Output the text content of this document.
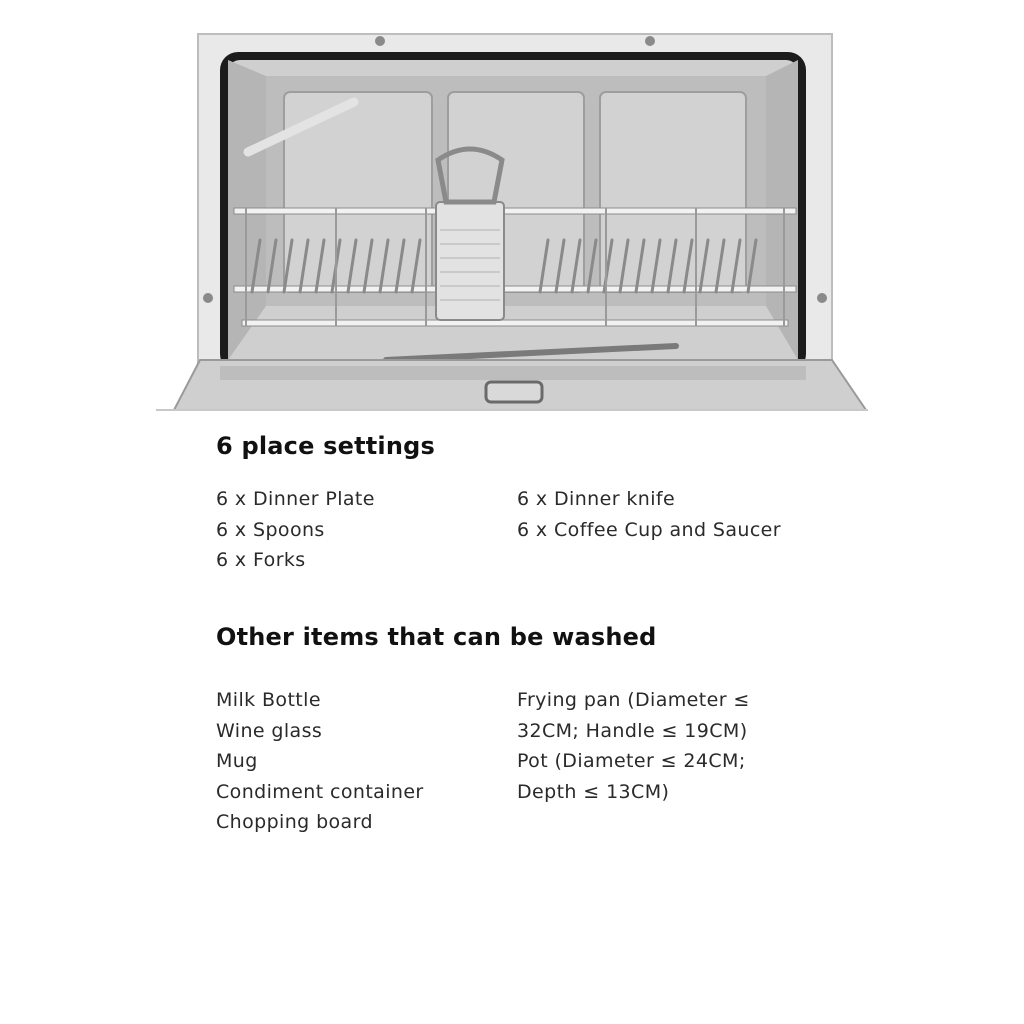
6 place settings
6 x Dinner Plate
6 x Spoons
6 x Forks
6 x Dinner knife
6 x Coffee Cup and Saucer
Other items that can be washed
Milk Bottle
Wine glass
Mug
Condiment container
Chopping board
Frying pan (Diameter ≤
32CM; Handle ≤ 19CM)
Pot (Diameter ≤ 24CM;
Depth ≤ 13CM)
